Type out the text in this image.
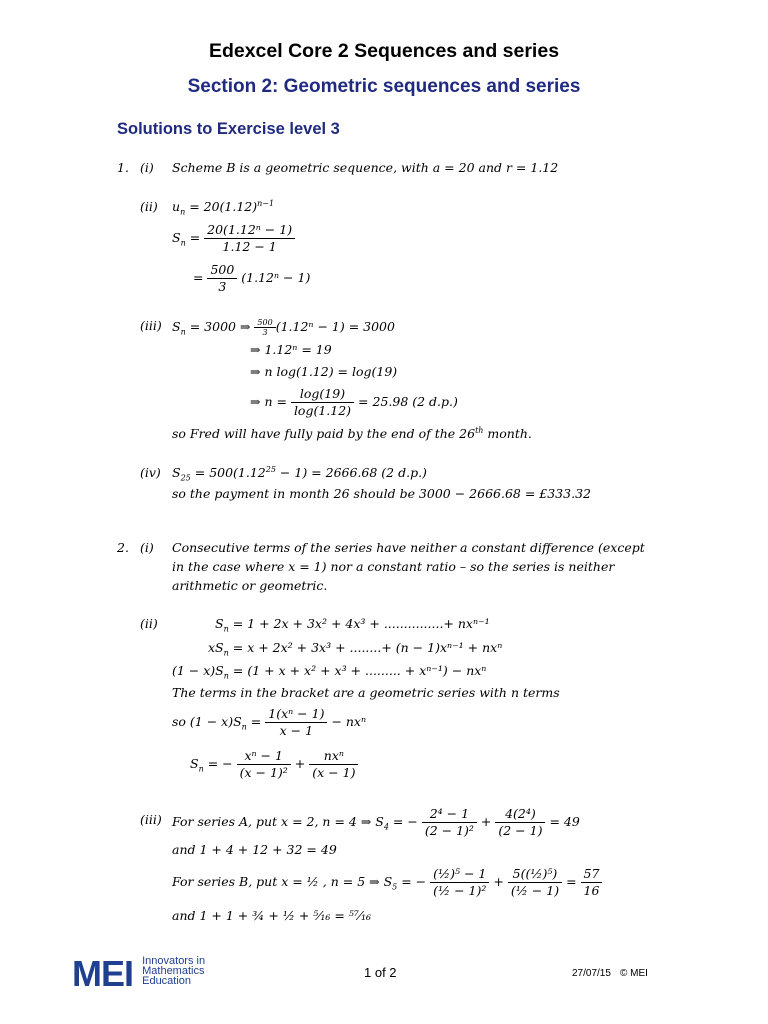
Edexcel Core 2 Sequences and series
Section 2: Geometric sequences and series
Solutions to Exercise level 3
1. (i) Scheme B is a geometric sequence, with a = 20 and r = 1.12
(ii) $u_n = 20(1.12)^{n-1}$
$S_n = \frac{\text{20(1.12ⁿ − 1)}}{1.12 - 1}$
= $\frac{500}{3} (1.12^n - 1)$
(iii) $S_n = 3000$ ⇒ $\frac{500}{3} (1.12^n - 1) = 3000$
⇒ 1.12ⁿ = 19
⇒ n log(1.12) = log(19)
⇒ $n = \frac{\log(19)}{\log(1.12)} = 25.98$ (2 d.p.)
so Fred will have fully paid by the end of the 26th month.
(iv) $S_{25} = 500(1.12^{25} - 1) = 2666.68$ (2 d.p.)
so the payment in month 26 should be 3000 − 2666.68 = £333.32
2. (i) Consecutive terms of the series have neither a constant difference (except
in the case where x = 1) nor a constant ratio – so the series is neither
arithmetic or geometric.
(ii)	$S_n = 1 + 2x + 3x^2 + 4x^3$ + ...............+ nxⁿ⁻¹
$xS_n = x + 2x^2 + 3x^3$ + ........+ (n − 1)xⁿ⁻¹ + nxⁿ
$(1 - x)S_n = (1 + x + x^2 + x^3$ + ......... + xⁿ⁻¹) − nxⁿ
The terms in the bracket are a geometric series with n terms
so $(1 - x)S_n = \frac{\text{1(xⁿ − 1)}}{x - 1} - nx^n$
$S_n$ = − $\frac{\text{xⁿ − 1}}{\text{(x − 1)²}} + \frac{\text{nxⁿ}}{(x - 1)}$
(iii) For series A, put x = 2, n = 4 ⇒ $S_4$ = − $\frac{\text{2⁴ − 1}}{\text{(2 − 1)²}} + \frac{\text{4(2⁴)}}{(2 - 1)} = 49$
and 1 + 4 + 12 + 32 = 49
For series B, put x = ½ , n = 5 ⇒ $S_5$ = − $\frac{\text{(½)⁵ − 1}}{\text{(½ − 1)²}} + \frac{\text{5((½)⁵)}}{\text{(½ − 1)}} = \frac{57}{16}$
and 1 + 1 + ¾ + ½ + ⁵⁄₁₆ = ⁵⁷⁄₁₆
MEI Innovators in
Mathematics
Education
1 of 2	27/07/15 © MEI
